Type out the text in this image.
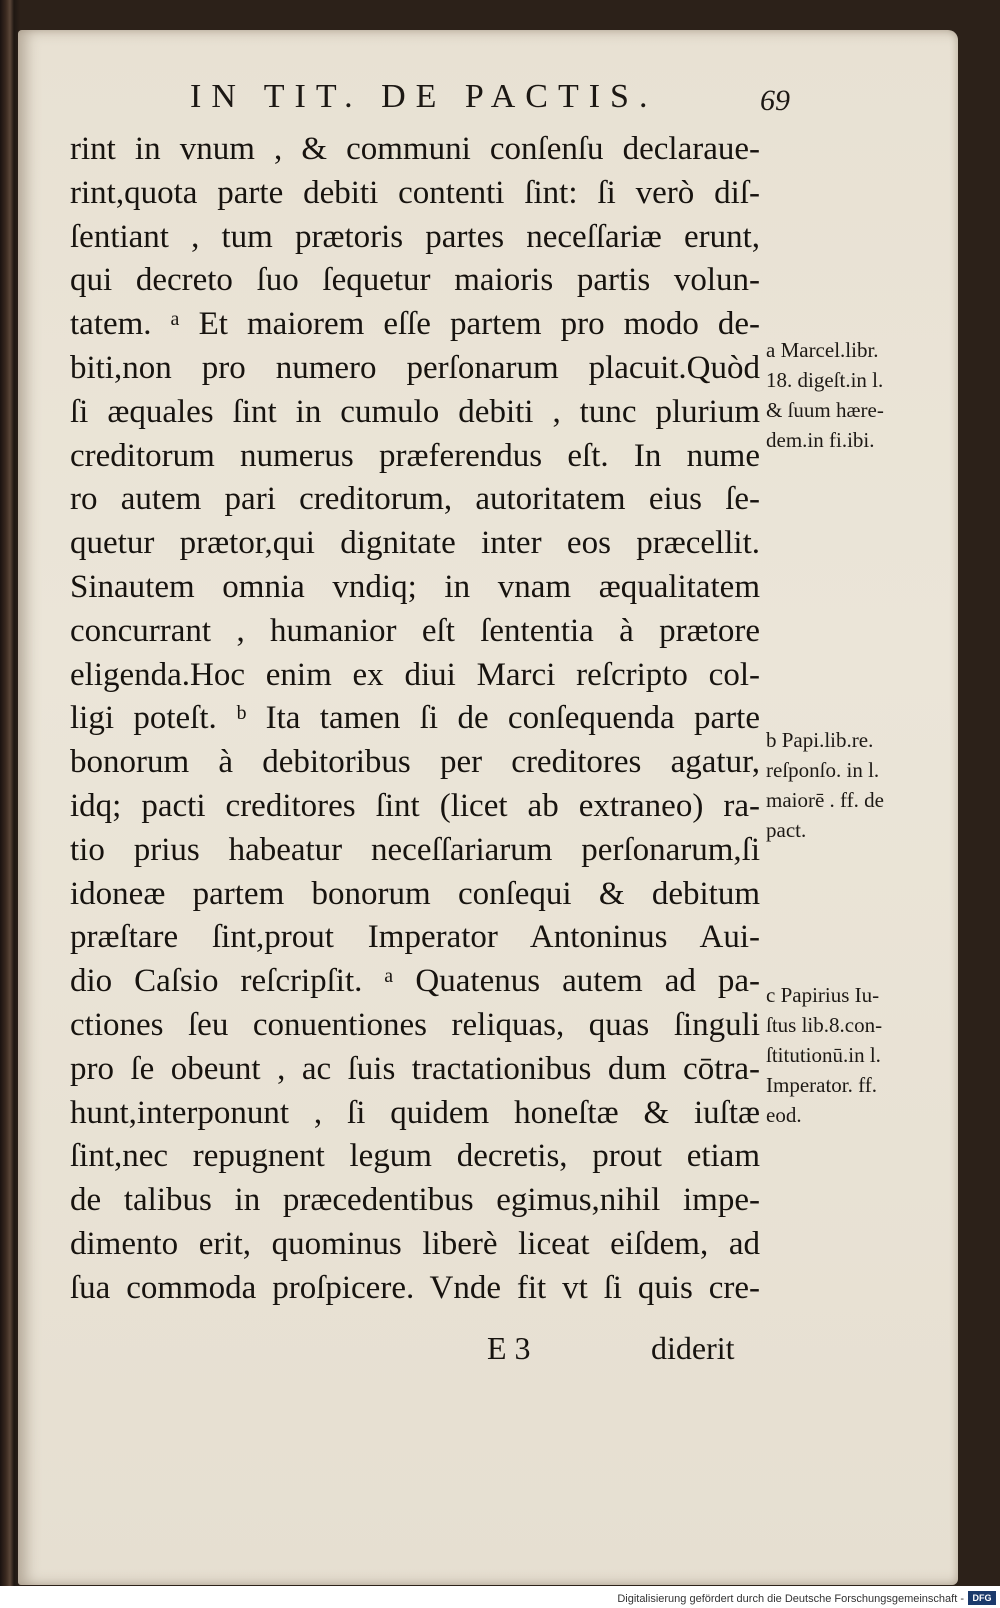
IN TIT. DE PACTIS.	69
rint in vnum , & communi conſenſu declaraue-
rint,quota parte debiti contenti ſint: ſi verò diſ-
ſentiant , tum prætoris partes neceſſariæ erunt,
qui decreto ſuo ſequetur maioris partis volun-
tatem. ᵃ Et maiorem eſſe partem pro modo de-
biti,non pro numero perſonarum placuit.Quòd
ſi æquales ſint in cumulo debiti , tunc plurium
creditorum numerus præferendus eſt. In nume
ro autem pari creditorum, autoritatem eius ſe-
quetur prætor,qui dignitate inter eos præcellit.
Sinautem omnia vndiq; in vnam æqualitatem
concurrant , humanior eſt ſententia à prætore
eligenda.Hoc enim ex diui Marci reſcripto col-
ligi poteſt. ᵇ Ita tamen ſi de conſequenda parte
bonorum à debitoribus per creditores agatur,
idq; pacti creditores ſint (licet ab extraneo) ra-
tio prius habeatur neceſſariarum perſonarum,ſi
idoneæ partem bonorum conſequi & debitum
præſtare ſint,prout Imperator Antoninus Aui-
dio Caſsio reſcripſit. ᵃ Quatenus autem ad pa-
ctiones ſeu conuentiones reliquas, quas ſinguli
pro ſe obeunt , ac ſuis tractationibus dum cōtra-
hunt,interponunt , ſi quidem honeſtæ & iuſtæ
ſint,nec repugnent legum decretis, prout etiam
de talibus in præcedentibus egimus,nihil impe-
dimento erit, quominus liberè liceat eiſdem, ad
ſua commoda proſpicere. Vnde fit vt ſi quis cre-
a Marcel.libr.
18. digeſt.in l.
& ſuum hære-
dem.in fi.ibi.
b Papi.lib.re.
reſponſo. in l.
maiorē . ff. de
pact.
c Papirius Iu-
ſtus lib.8.con-
ſtitutionū.in l.
Imperator. ff.
eod.
E 3	diderit
Digitalisierung gefördert durch die Deutsche Forschungsgemeinschaft - DFG
